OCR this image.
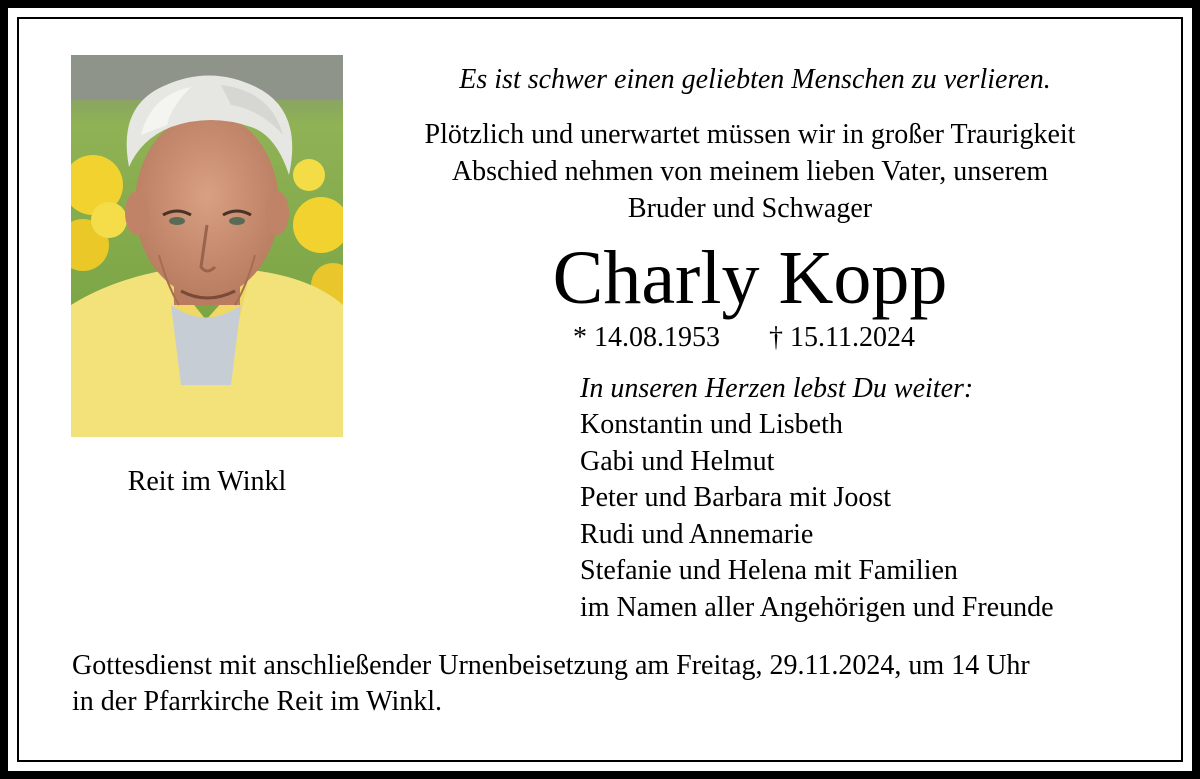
Reit im Winkl
Es ist schwer einen geliebten Menschen zu verlieren.
Plötzlich und unerwartet müssen wir in großer Traurigkeit
Abschied nehmen von meinem lieben Vater, unserem
Bruder und Schwager
Charly Kopp
* 14.08.1953 † 15.11.2024
In unseren Herzen lebst Du weiter:
Konstantin und Lisbeth
Gabi und Helmut
Peter und Barbara mit Joost
Rudi und Annemarie
Stefanie und Helena mit Familien
im Namen aller Angehörigen und Freunde
Gottesdienst mit anschließender Urnenbeisetzung am Freitag, 29.11.2024, um 14 Uhr
in der Pfarrkirche Reit im Winkl.
